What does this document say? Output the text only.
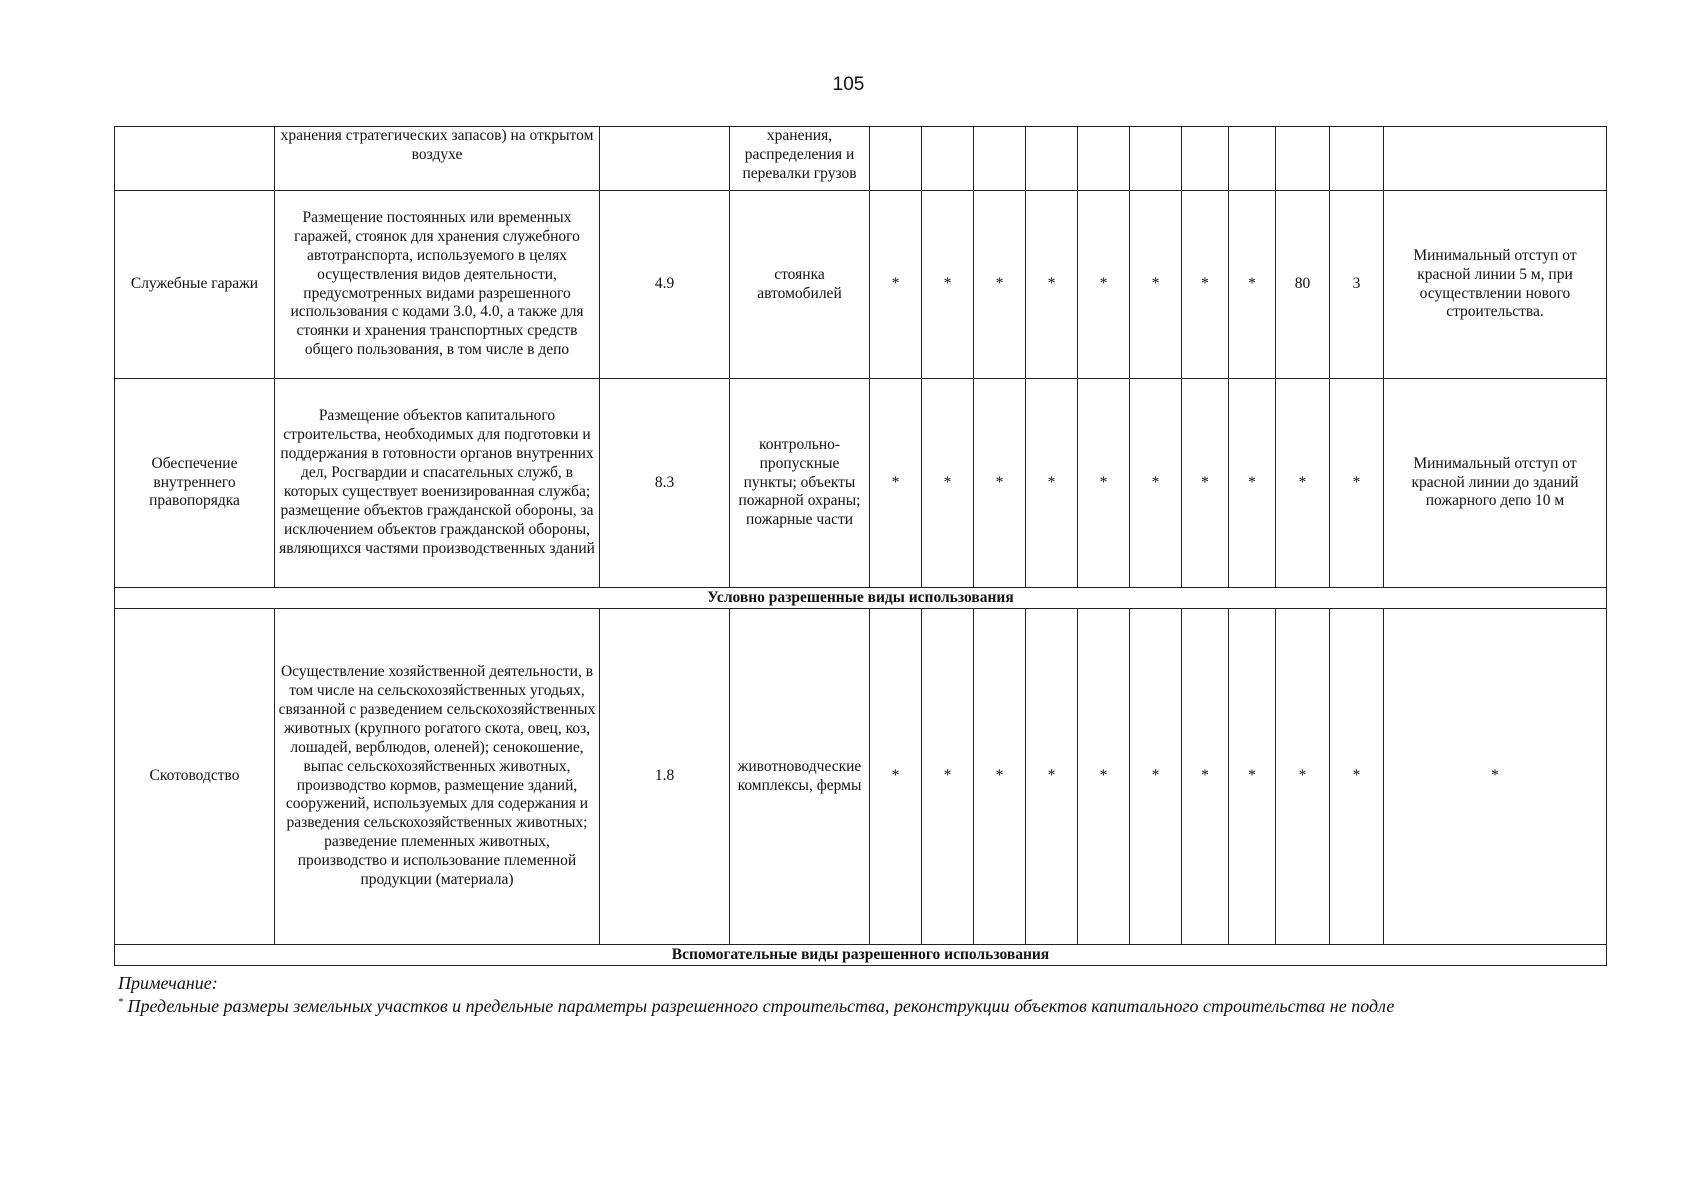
105
	хранения стратегических запасов) на открытом воздухе		хранения, распределения и перевалки грузов											
Служебные гаражи	Размещение постоянных или временных гаражей, стоянок для хранения служебного автотранспорта, используемого в целях осуществления видов деятельности, предусмотренных видами разрешенного использования с кодами 3.0, 4.0, а также для стоянки и хранения транспортных средств общего пользования, в том числе в депо	4.9	стоянка автомобилей	*	*	*	*	*	*	*	*	80	3	Минимальный отступ от красной линии 5 м, при осуществлении нового строительства.
Обеспечение внутреннего правопорядка	Размещение объектов капитального строительства, необходимых для подготовки и поддержания в готовности органов внутренних дел, Росгвардии и спасательных служб, в которых существует военизированная служба; размещение объектов гражданской обороны, за исключением объектов гражданской обороны, являющихся частями производственных зданий	8.3	контрольно-пропускные пункты; объекты пожарной охраны; пожарные части	*	*	*	*	*	*	*	*	*	*	Минимальный отступ от красной линии до зданий пожарного депо 10 м
Условно разрешенные виды использования														
Скотоводство	Осуществление хозяйственной деятельности, в том числе на сельскохозяйственных угодьях, связанной с разведением сельскохозяйственных животных (крупного рогатого скота, овец, коз, лошадей, верблюдов, оленей); сенокошение, выпас сельскохозяйственных животных, производство кормов, размещение зданий, сооружений, используемых для содержания и разведения сельскохозяйственных животных; разведение племенных животных, производство и использование племенной продукции (материала)	1.8	животноводческие комплексы, фермы	*	*	*	*	*	*	*	*	*	*	*
Вспомогательные виды разрешенного использования														
Примечание:
* Предельные размеры земельных участков и предельные параметры разрешенного строительства, реконструкции объектов капитального строительства не подле
